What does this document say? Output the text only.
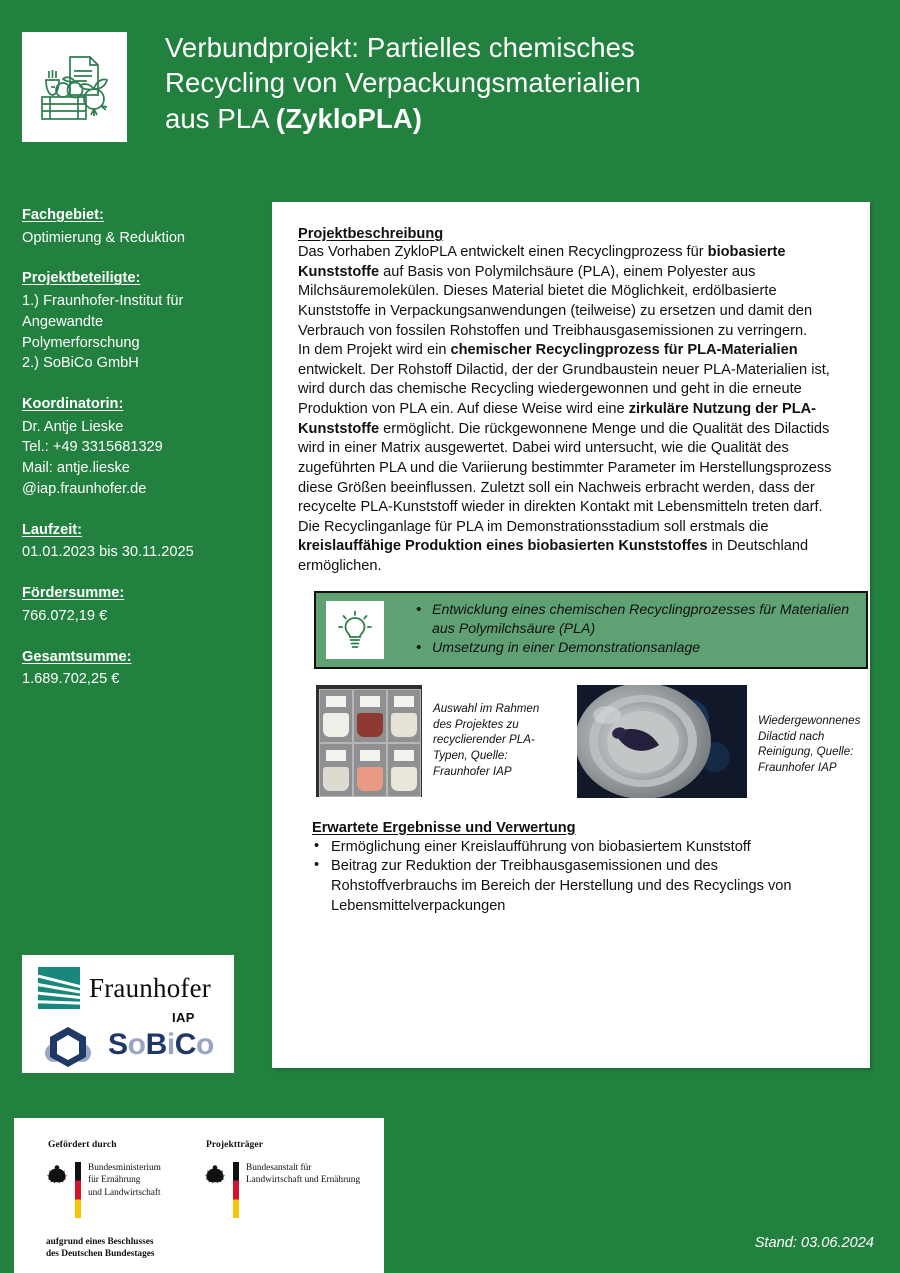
Verbundprojekt: Partielles chemisches
Recycling von Verpackungsmaterialien
aus PLA (ZykloPLA)
Fachgebiet:
Optimierung & Reduktion
Projektbeteiligte:
1.) Fraunhofer-Institut für
Angewandte
Polymerforschung
2.) SoBiCo GmbH
Koordinatorin:
Dr. Antje Lieske
Tel.: +49 3315681329
Mail: antje.lieske
@iap.fraunhofer.de
Laufzeit:
01.01.2023 bis 30.11.2025
Fördersumme:
766.072,19 €
Gesamtsumme:
1.689.702,25 €
Fraunhofer
IAP
SoBiCo
Gefördert durch
Bundesministerium
für Ernährung
und Landwirtschaft
aufgrund eines Beschlusses
des Deutschen Bundestages
Projektträger
Bundesanstalt für
Landwirtschaft und Ernährung
Projektbeschreibung

Das Vorhaben ZykloPLA entwickelt einen Recyclingprozess für biobasierte Kunststoffe auf Basis von Polymilchsäure (PLA), einem Polyester aus Milchsäuremolekülen. Dieses Material bietet die Möglichkeit, erdölbasierte Kunststoffe in Verpackungsanwendungen (teilweise) zu ersetzen und damit den Verbrauch von fossilen Rohstoffen und Treibhausgasemissionen zu verringern.

In dem Projekt wird ein chemischer Recyclingprozess für PLA-Materialien entwickelt. Der Rohstoff Dilactid, der der Grundbaustein neuer PLA-Materialien ist, wird durch das chemische Recycling wiedergewonnen und geht in die erneute Produktion von PLA ein. Auf diese Weise wird eine zirkuläre Nutzung der PLA-Kunststoffe ermöglicht. Die rückgewonnene Menge und die Qualität des Dilactids wird in einer Matrix ausgewertet. Dabei wird untersucht, wie die Qualität des zugeführten PLA und die Variierung bestimmter Parameter im Herstellungsprozess diese Größen beeinflussen. Zuletzt soll ein Nachweis erbracht werden, dass der recycelte PLA-Kunststoff wieder in direkten Kontakt mit Lebensmitteln treten darf. Die Recyclinganlage für PLA im Demonstrationsstadium soll erstmals die kreislauffähige Produktion eines biobasierten Kunststoffes in Deutschland ermöglichen.

• Entwicklung eines chemischen Recyclingprozesses für Materialien aus Polymilchsäure (PLA)
• Umsetzung in einer Demonstrationsanlage
Auswahl im Rahmen des Projektes zu recyclierender PLA-Typen, Quelle: Fraunhofer IAP
Wiedergewonnenes Dilactid nach Reinigung, Quelle: Fraunhofer IAP
Erwartete Ergebnisse und Verwertung
• Ermöglichung einer Kreislaufführung von biobasiertem Kunststoff
• Beitrag zur Reduktion der Treibhausgasemissionen und des Rohstoffverbrauchs im Bereich der Herstellung und des Recyclings von Lebensmittelverpackungen
Stand: 03.06.2024
